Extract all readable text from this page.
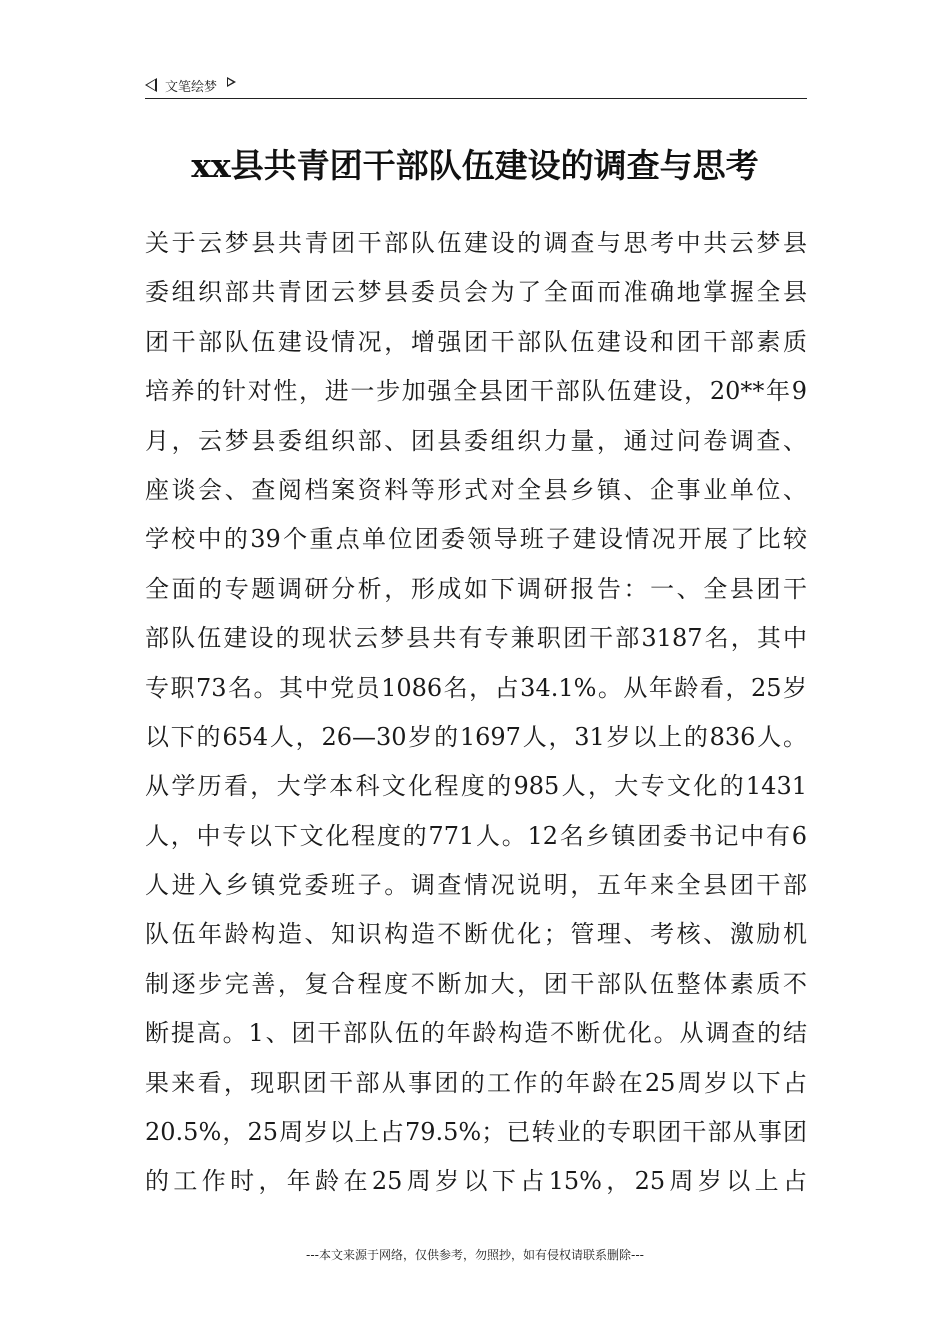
文笔绘梦
xx县共青团干部队伍建设的调查与思考
关于云梦县共青团干部队伍建设的调查与思考中共云梦县
委组织部共青团云梦县委员会为了全面而准确地掌握全县
团干部队伍建设情况，增强团干部队伍建设和团干部素质
培养的针对性，进一步加强全县团干部队伍建设，20**年9
月，云梦县委组织部、团县委组织力量，通过问卷调查、
座谈会、查阅档案资料等形式对全县乡镇、企事业单位、
学校中的39个重点单位团委领导班子建设情况开展了比较
全面的专题调研分析，形成如下调研报告：一、全县团干
部队伍建设的现状云梦县共有专兼职团干部3187名，其中
专职73名。其中党员1086名，占34.1%。从年龄看，25岁
以下的654人，26—30岁的1697人，31岁以上的836人。
从学历看，大学本科文化程度的985人，大专文化的1431
人，中专以下文化程度的771人。12名乡镇团委书记中有6
人进入乡镇党委班子。调查情况说明，五年来全县团干部
队伍年龄构造、知识构造不断优化；管理、考核、激励机
制逐步完善，复合程度不断加大，团干部队伍整体素质不
断提高。1、团干部队伍的年龄构造不断优化。从调查的结
果来看，现职团干部从事团的工作的年龄在25周岁以下占
20.5%，25周岁以上占79.5%；已转业的专职团干部从事团
的工作时，年龄在25周岁以下占15%，25周岁以上占
---本文来源于网络，仅供参考，勿照抄，如有侵权请联系删除---
